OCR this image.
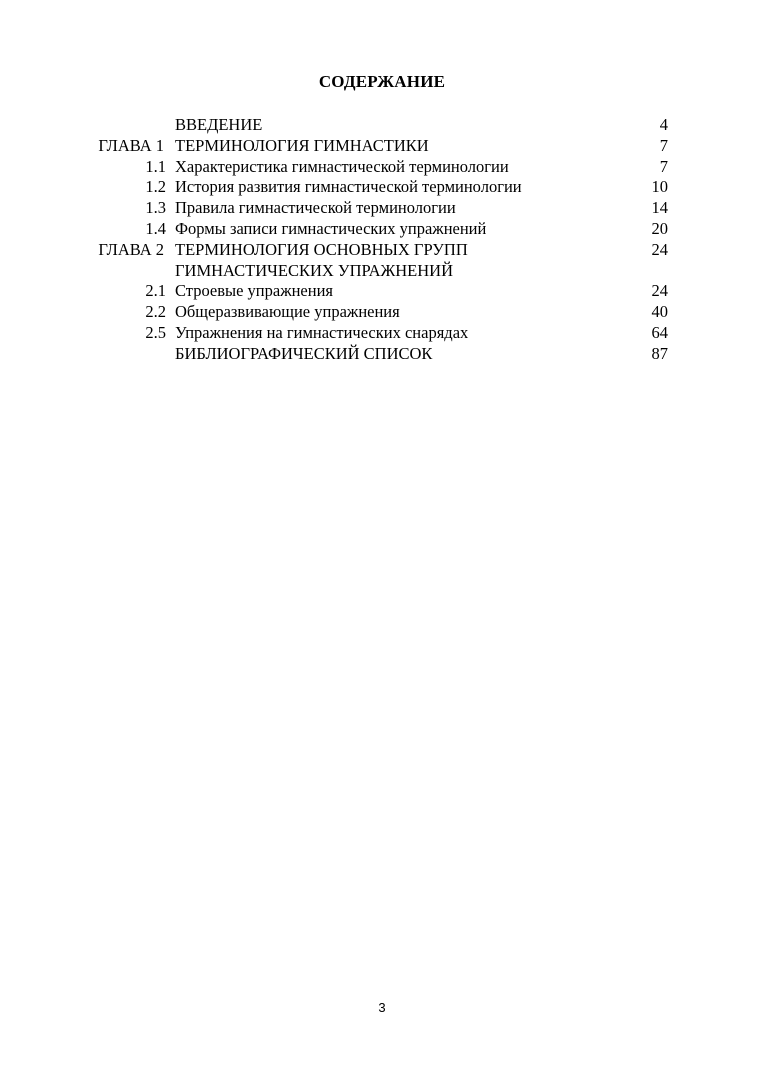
СОДЕРЖАНИЕ
ВВЕДЕНИЕ	4
ГЛАВА 1 ТЕРМИНОЛОГИЯ ГИМНАСТИКИ	7
1.1 Характеристика гимнастической терминологии	7
1.2 История развития гимнастической терминологии	10
1.3 Правила гимнастической терминологии	14
1.4 Формы записи гимнастических упражнений	20
ГЛАВА 2 ТЕРМИНОЛОГИЯ ОСНОВНЫХ ГРУПП	24
ГИМНАСТИЧЕСКИХ УПРАЖНЕНИЙ
2.1 Строевые упражнения	24
2.2 Общеразвивающие упражнения	40
2.5 Упражнения на гимнастических снарядах	64
БИБЛИОГРАФИЧЕСКИЙ СПИСОК	87
3
